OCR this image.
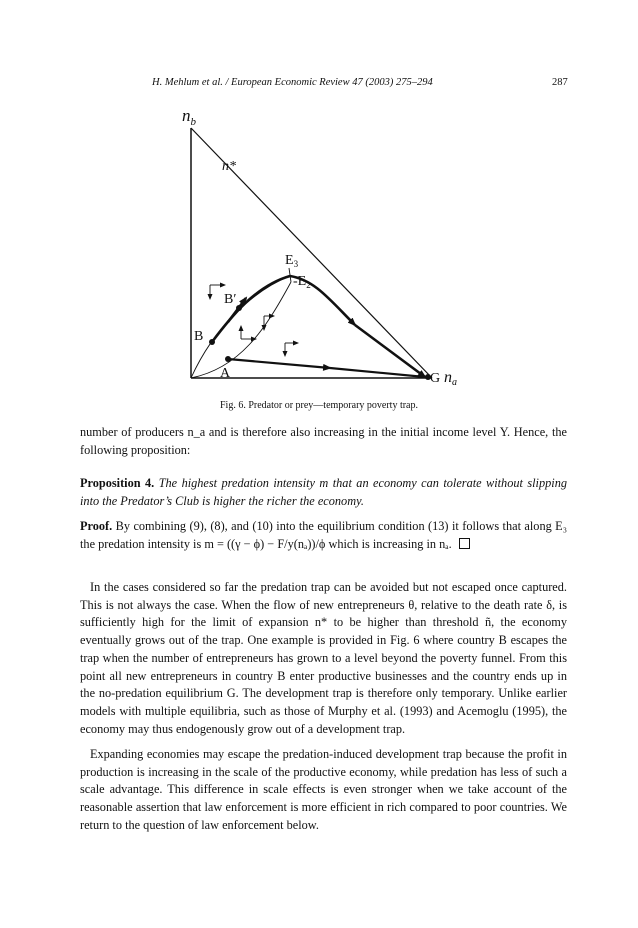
H. Mehlum et al. / European Economic Review 47 (2003) 275–294	287
$n_b$
n*
$E_3$
$-E_2$
B′
B
A	G na
Fig. 6. Predator or prey—temporary poverty trap.
number of producers n_a and is therefore also increasing in the initial income level Y. Hence, the following proposition:
Proposition 4. The highest predation intensity m that an economy can tolerate without slipping into the Predator’s Club is higher the richer the economy.
Proof. By combining (9), (8), and (10) into the equilibrium condition (13) it follows that along E₃ the predation intensity is m = ((γ − ϕ) − F/y(nₐ))/ϕ which is increasing in nₐ.
In the cases considered so far the predation trap can be avoided but not escaped once captured. This is not always the case. When the flow of new entrepreneurs θ, relative to the death rate δ, is sufficiently high for the limit of expansion n* to be higher than threshold ñ, the economy eventually grows out of the trap. One example is provided in Fig. 6 where country B escapes the trap when the number of entrepreneurs has grown to a level beyond the poverty funnel. From this point all new entrepreneurs in country B enter productive businesses and the country ends up in the no-predation equilibrium G. The development trap is therefore only temporary. Unlike earlier models with multiple equilibria, such as those of Murphy et al. (1993) and Acemoglu (1995), the economy may thus endogenously grow out of a development trap.
Expanding economies may escape the predation-induced development trap because the profit in production is increasing in the scale of the productive economy, while predation has less of such a scale advantage. This difference in scale effects is even stronger when we take account of the reasonable assertion that law enforcement is more efficient in rich compared to poor countries. We return to the question of law enforcement below.
